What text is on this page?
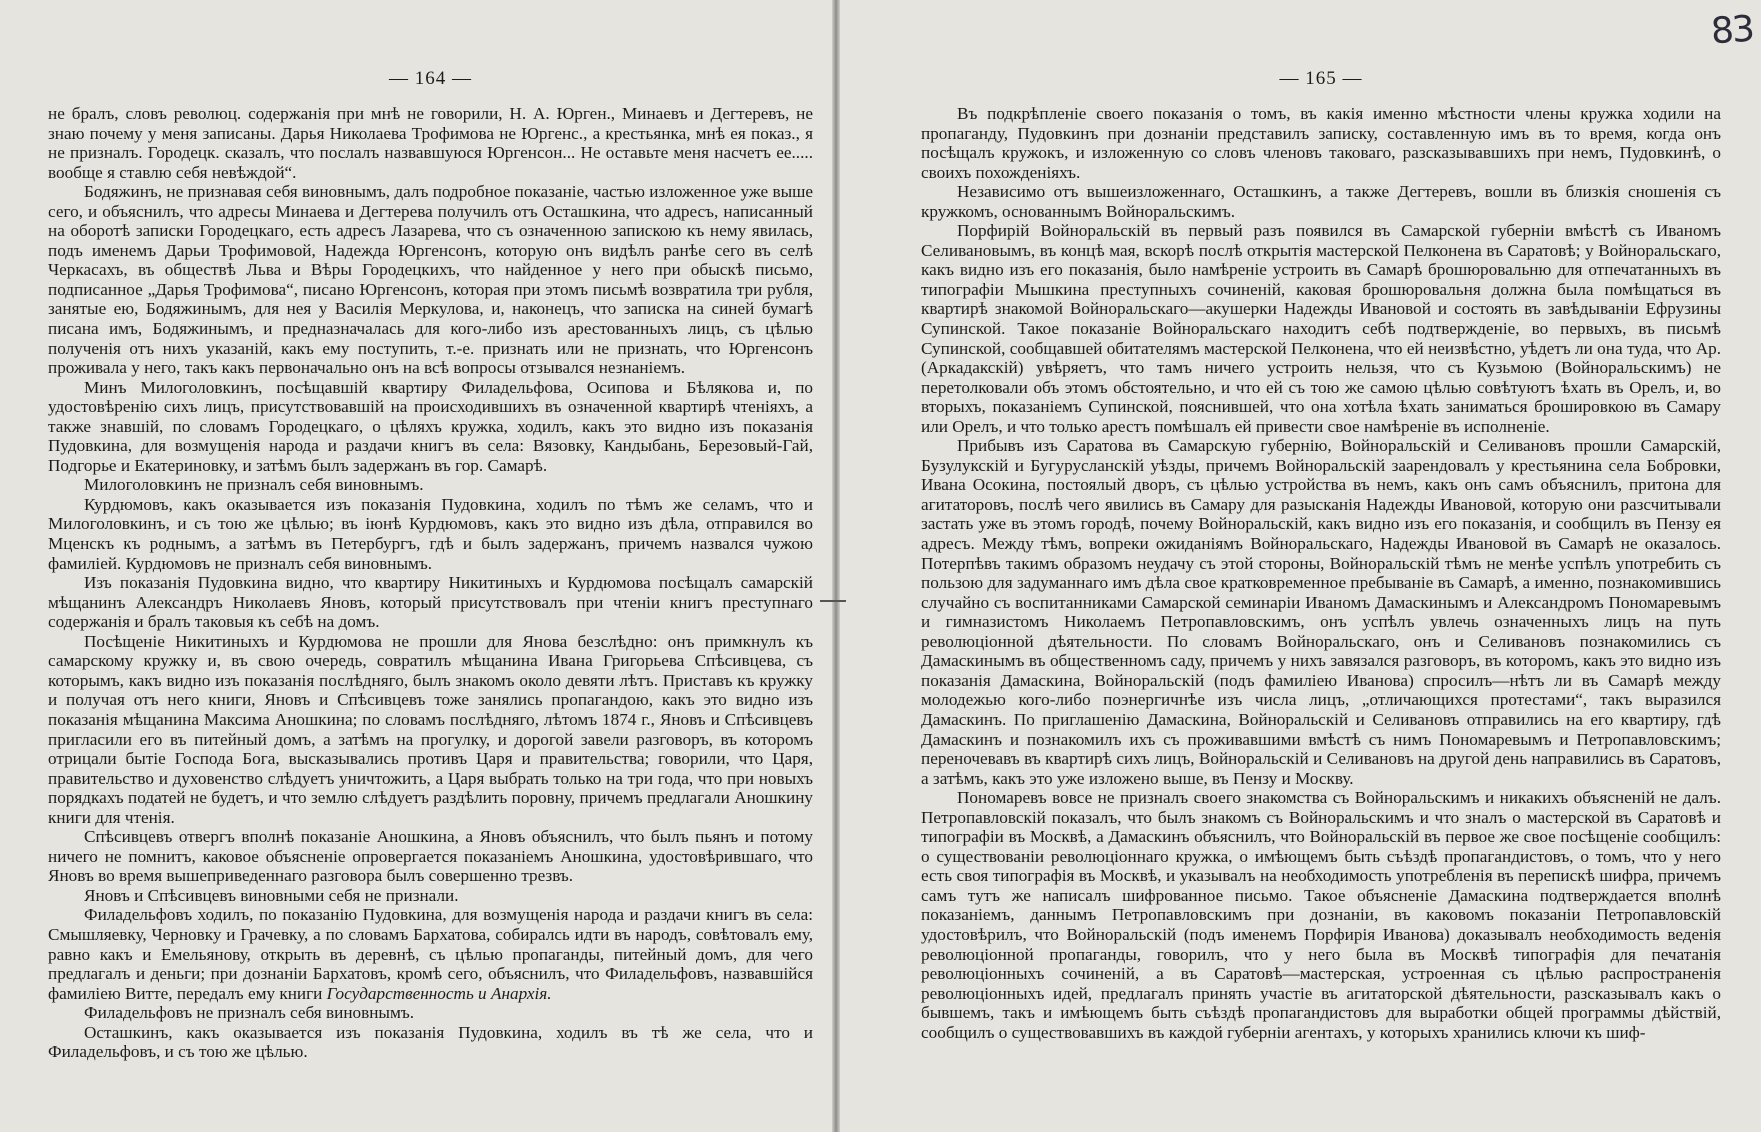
— 164 —

не бралъ, словъ революц. содержанія при мнѣ не говорили, Н. А. Юрген., Минаевъ и Дегтеревъ, не знаю почему у меня записаны. Дарья Николаева Трофимова не Юргенс., а крестьянка, мнѣ ея показ., я не призналъ. Городецк. сказалъ, что послалъ назвавшуюся Юргенсон... Не оставьте меня насчетъ ее..... вообще я ставлю себя невѣждой“.

Бодяжинъ, не признавая себя виновнымъ, далъ подробное показаніе, частью изложенное уже выше сего, и объяснилъ, что адресы Минаева и Дегтерева получилъ отъ Осташкина, что адресъ, написанный на оборотѣ записки Городецкаго, есть адресъ Лазарева, что съ означенною запискою къ нему явилась, подъ именемъ Дарьи Трофимовой, Надежда Юргенсонъ, которую онъ видѣлъ ранѣе сего въ селѣ Черкасахъ, въ обществѣ Льва и Вѣры Городецкихъ, что найденное у него при обыскѣ письмо, подписанное „Дарья Трофимова“, писано Юргенсонъ, которая при этомъ письмѣ возвратила три рубля, занятые ею, Бодяжинымъ, для нея у Василія Меркулова, и, наконецъ, что записка на синей бумагѣ писана имъ, Бодяжинымъ, и предназначалась для кого-либо изъ арестованныхъ лицъ, съ цѣлью полученія отъ нихъ указаній, какъ ему поступить, т.-е. признать или не признать, что Юргенсонъ проживала у него, такъ какъ первоначально онъ на всѣ вопросы отзывался незнаніемъ.

Минъ Милоголовкинъ, посѣщавшій квартиру Филадельфова, Осипова и Бѣлякова и, по удостовѣренію сихъ лицъ, присутствовавшій на происходившихъ въ означенной квартирѣ чтеніяхъ, а также знавшій, по словамъ Городецкаго, о цѣляхъ кружка, ходилъ, какъ это видно изъ показанія Пудовкина, для возмущенія народа и раздачи книгъ въ села: Вязовку, Кандыбань, Березовый-Гай, Подгорье и Екатериновку, и затѣмъ былъ задержанъ въ гор. Самарѣ.

Милоголовкинъ не призналъ себя виновнымъ.

Курдюмовъ, какъ оказывается изъ показанія Пудовкина, ходилъ по тѣмъ же селамъ, что и Милоголовкинъ, и съ тою же цѣлью; въ іюнѣ Курдюмовъ, какъ это видно изъ дѣла, отправился во Мценскъ къ роднымъ, а затѣмъ въ Петербургъ, гдѣ и былъ задержанъ, причемъ назвался чужою фамиліей. Курдюмовъ не призналъ себя виновнымъ.

Изъ показанія Пудовкина видно, что квартиру Никитиныхъ и Курдюмова посѣщалъ самарскій мѣщанинъ Александръ Николаевъ Яновъ, который присутствовалъ при чтеніи книгъ преступнаго содержанія и бралъ таковыя къ себѣ на домъ.

Посѣщеніе Никитиныхъ и Курдюмова не прошли для Янова безслѣдно: онъ примкнулъ къ самарскому кружку и, въ свою очередь, совратилъ мѣщанина Ивана Григорьева Спѣсивцева, съ которымъ, какъ видно изъ показанія послѣдняго, былъ знакомъ около девяти лѣтъ. Приставъ къ кружку и получая отъ него книги, Яновъ и Спѣсивцевъ тоже занялись пропагандою, какъ это видно изъ показанія мѣщанина Максима Аношкина; по словамъ послѣдняго, лѣтомъ 1874 г., Яновъ и Спѣсивцевъ пригласили его въ питейный домъ, а затѣмъ на прогулку, и дорогой завели разговоръ, въ которомъ отрицали бытіе Господа Бога, высказывались противъ Царя и правительства; говорили, что Царя, правительство и духовенство слѣдуетъ уничтожить, а Царя выбрать только на три года, что при новыхъ порядкахъ податей не будетъ, и что землю слѣдуетъ раздѣлить поровну, причемъ предлагали Аношкину книги для чтенія.

Спѣсивцевъ отвергъ вполнѣ показаніе Аношкина, а Яновъ объяснилъ, что былъ пьянъ и потому ничего не помнитъ, каковое объясненіе опровергается показаніемъ Аношкина, удостовѣрившаго, что Яновъ во время вышеприведеннаго разговора былъ совершенно трезвъ.

Яновъ и Спѣсивцевъ виновными себя не признали.

Филадельфовъ ходилъ, по показанію Пудовкина, для возмущенія народа и раздачи книгъ въ села: Смышляевку, Черновку и Грачевку, а по словамъ Бархатова, собиралсь идти въ народъ, совѣтовалъ ему, равно какъ и Емельянову, открыть въ деревнѣ, съ цѣлью пропаганды, питейный домъ, для чего предлагалъ и деньги; при дознаніи Бархатовъ, кромѣ сего, объяснилъ, что Филадельфовъ, назвавшійся фамиліею Витте, передалъ ему книги Государственность и Анархія.

Филадельфовъ не призналъ себя виновнымъ.

Осташкинъ, какъ оказывается изъ показанія Пудовкина, ходилъ въ тѣ же села, что и Филадельфовъ, и съ тою же цѣлью.

83
— 165 —

Въ подкрѣпленіе своего показанія о томъ, въ какія именно мѣстности члены кружка ходили на пропаганду, Пудовкинъ при дознаніи представилъ записку, составленную имъ въ то время, когда онъ посѣщалъ кружокъ, и изложенную со словъ членовъ таковаго, разсказывавшихъ при немъ, Пудовкинѣ, о своихъ похожденіяхъ.

Независимо отъ вышеизложеннаго, Осташкинъ, а также Дегтеревъ, вошли въ близкія сношенія съ кружкомъ, основаннымъ Войноральскимъ.

Порфирій Войноральскій въ первый разъ появился въ Самарской губерніи вмѣстѣ съ Иваномъ Селивановымъ, въ концѣ мая, вскорѣ послѣ открытія мастерской Пелконена въ Саратовѣ; у Войноральскаго, какъ видно изъ его показанія, было намѣреніе устроить въ Самарѣ брошюровальню для отпечатанныхъ въ типографіи Мышкина преступныхъ сочиненій, каковая брошюровальня должна была помѣщаться въ квартирѣ знакомой Войноральскаго—акушерки Надежды Ивановой и состоять въ завѣдываніи Ефрузины Супинской. Такое показаніе Войноральскаго находитъ себѣ подтвержденіе, во первыхъ, въ письмѣ Супинской, сообщавшей обитателямъ мастерской Пелконена, что ей неизвѣстно, уѣдетъ ли она туда, что Ар. (Аркадакскій) увѣряетъ, что тамъ ничего устроить нельзя, что съ Кузьмою (Войноральскимъ) не перетолковали объ этомъ обстоятельно, и что ей съ тою же самою цѣлью совѣтуютъ ѣхать въ Орелъ, и, во вторыхъ, показаніемъ Супинской, пояснившей, что она хотѣла ѣхать заниматься брошировкою въ Самару или Орелъ, и что только арестъ помѣшалъ ей привести свое намѣреніе въ исполненіе.

Прибывъ изъ Саратова въ Самарскую губернію, Войноральскій и Селивановъ прошли Самарскій, Бузулукскій и Бугурусланскій уѣзды, причемъ Войноральскій заарендовалъ у крестьянина села Бобровки, Ивана Осокина, постоялый дворъ, съ цѣлью устройства въ немъ, какъ онъ самъ объяснилъ, притона для агитаторовъ, послѣ чего явились въ Самару для разысканія Надежды Ивановой, которую они разсчитывали застать уже въ этомъ городѣ, почему Войноральскій, какъ видно изъ его показанія, и сообщилъ въ Пензу ея адресъ. Между тѣмъ, вопреки ожиданіямъ Войноральскаго, Надежды Ивановой въ Самарѣ не оказалось. Потерпѣвъ такимъ образомъ неудачу съ этой стороны, Войноральскій тѣмъ не менѣе успѣлъ употребить съ пользою для задуманнаго имъ дѣла свое кратковременное пребываніе въ Самарѣ, а именно, познакомившись случайно съ воспитанниками Самарской семинаріи Иваномъ Дамаскинымъ и Александромъ Пономаревымъ и гимназистомъ Николаемъ Петропавловскимъ, онъ успѣлъ увлечь означенныхъ лицъ на путь революціонной дѣятельности. По словамъ Войноральскаго, онъ и Селивановъ познакомились съ Дамаскинымъ въ общественномъ саду, причемъ у нихъ завязался разговоръ, въ которомъ, какъ это видно изъ показанія Дамаскина, Войноральскій (подъ фамиліею Иванова) спросилъ—нѣтъ ли въ Самарѣ между молодежью кого-либо поэнергичнѣе изъ числа лицъ, „отличающихся протестами“, такъ выразился Дамаскинъ. По приглашенію Дамаскина, Войноральскій и Селивановъ отправились на его квартиру, гдѣ Дамаскинъ и познакомилъ ихъ съ проживавшими вмѣстѣ съ нимъ Пономаревымъ и Петропавловскимъ; переночевавъ въ квартирѣ сихъ лицъ, Войноральскій и Селивановъ на другой день направились въ Саратовъ, а затѣмъ, какъ это уже изложено выше, въ Пензу и Москву.

Пономаревъ вовсе не призналъ своего знакомства съ Войноральскимъ и никакихъ объясненій не далъ. Петропавловскій показалъ, что былъ знакомъ съ Войноральскимъ и что зналъ о мастерской въ Саратовѣ и типографіи въ Москвѣ, а Дамаскинъ объяснилъ, что Войноральскій въ первое же свое посѣщеніе сообщилъ: о существованіи революціоннаго кружка, о имѣющемъ быть съѣздѣ пропагандистовъ, о томъ, что у него есть своя типографія въ Москвѣ, и указывалъ на необходимость употребленія въ перепискѣ шифра, причемъ самъ тутъ же написалъ шифрованное письмо. Такое объясненіе Дамаскина подтверждается вполнѣ показаніемъ, даннымъ Петропавловскимъ при дознаніи, въ каковомъ показаніи Петропавловскій удостовѣрилъ, что Войноральскій (подъ именемъ Порфирія Иванова) доказывалъ необходимость веденія революціонной пропаганды, говорилъ, что у него была въ Москвѣ типографія для печатанія революціонныхъ сочиненій, а въ Саратовѣ—мастерская, устроенная съ цѣлью распространенія революціонныхъ идей, предлагалъ принять участіе въ агитаторской дѣятельности, разсказывалъ какъ о бывшемъ, такъ и имѣющемъ быть съѣздѣ пропагандистовъ для выработки общей программы дѣйствій, сообщилъ о существовавшихъ въ каждой губерніи агентахъ, у которыхъ хранились ключи къ шиф-
